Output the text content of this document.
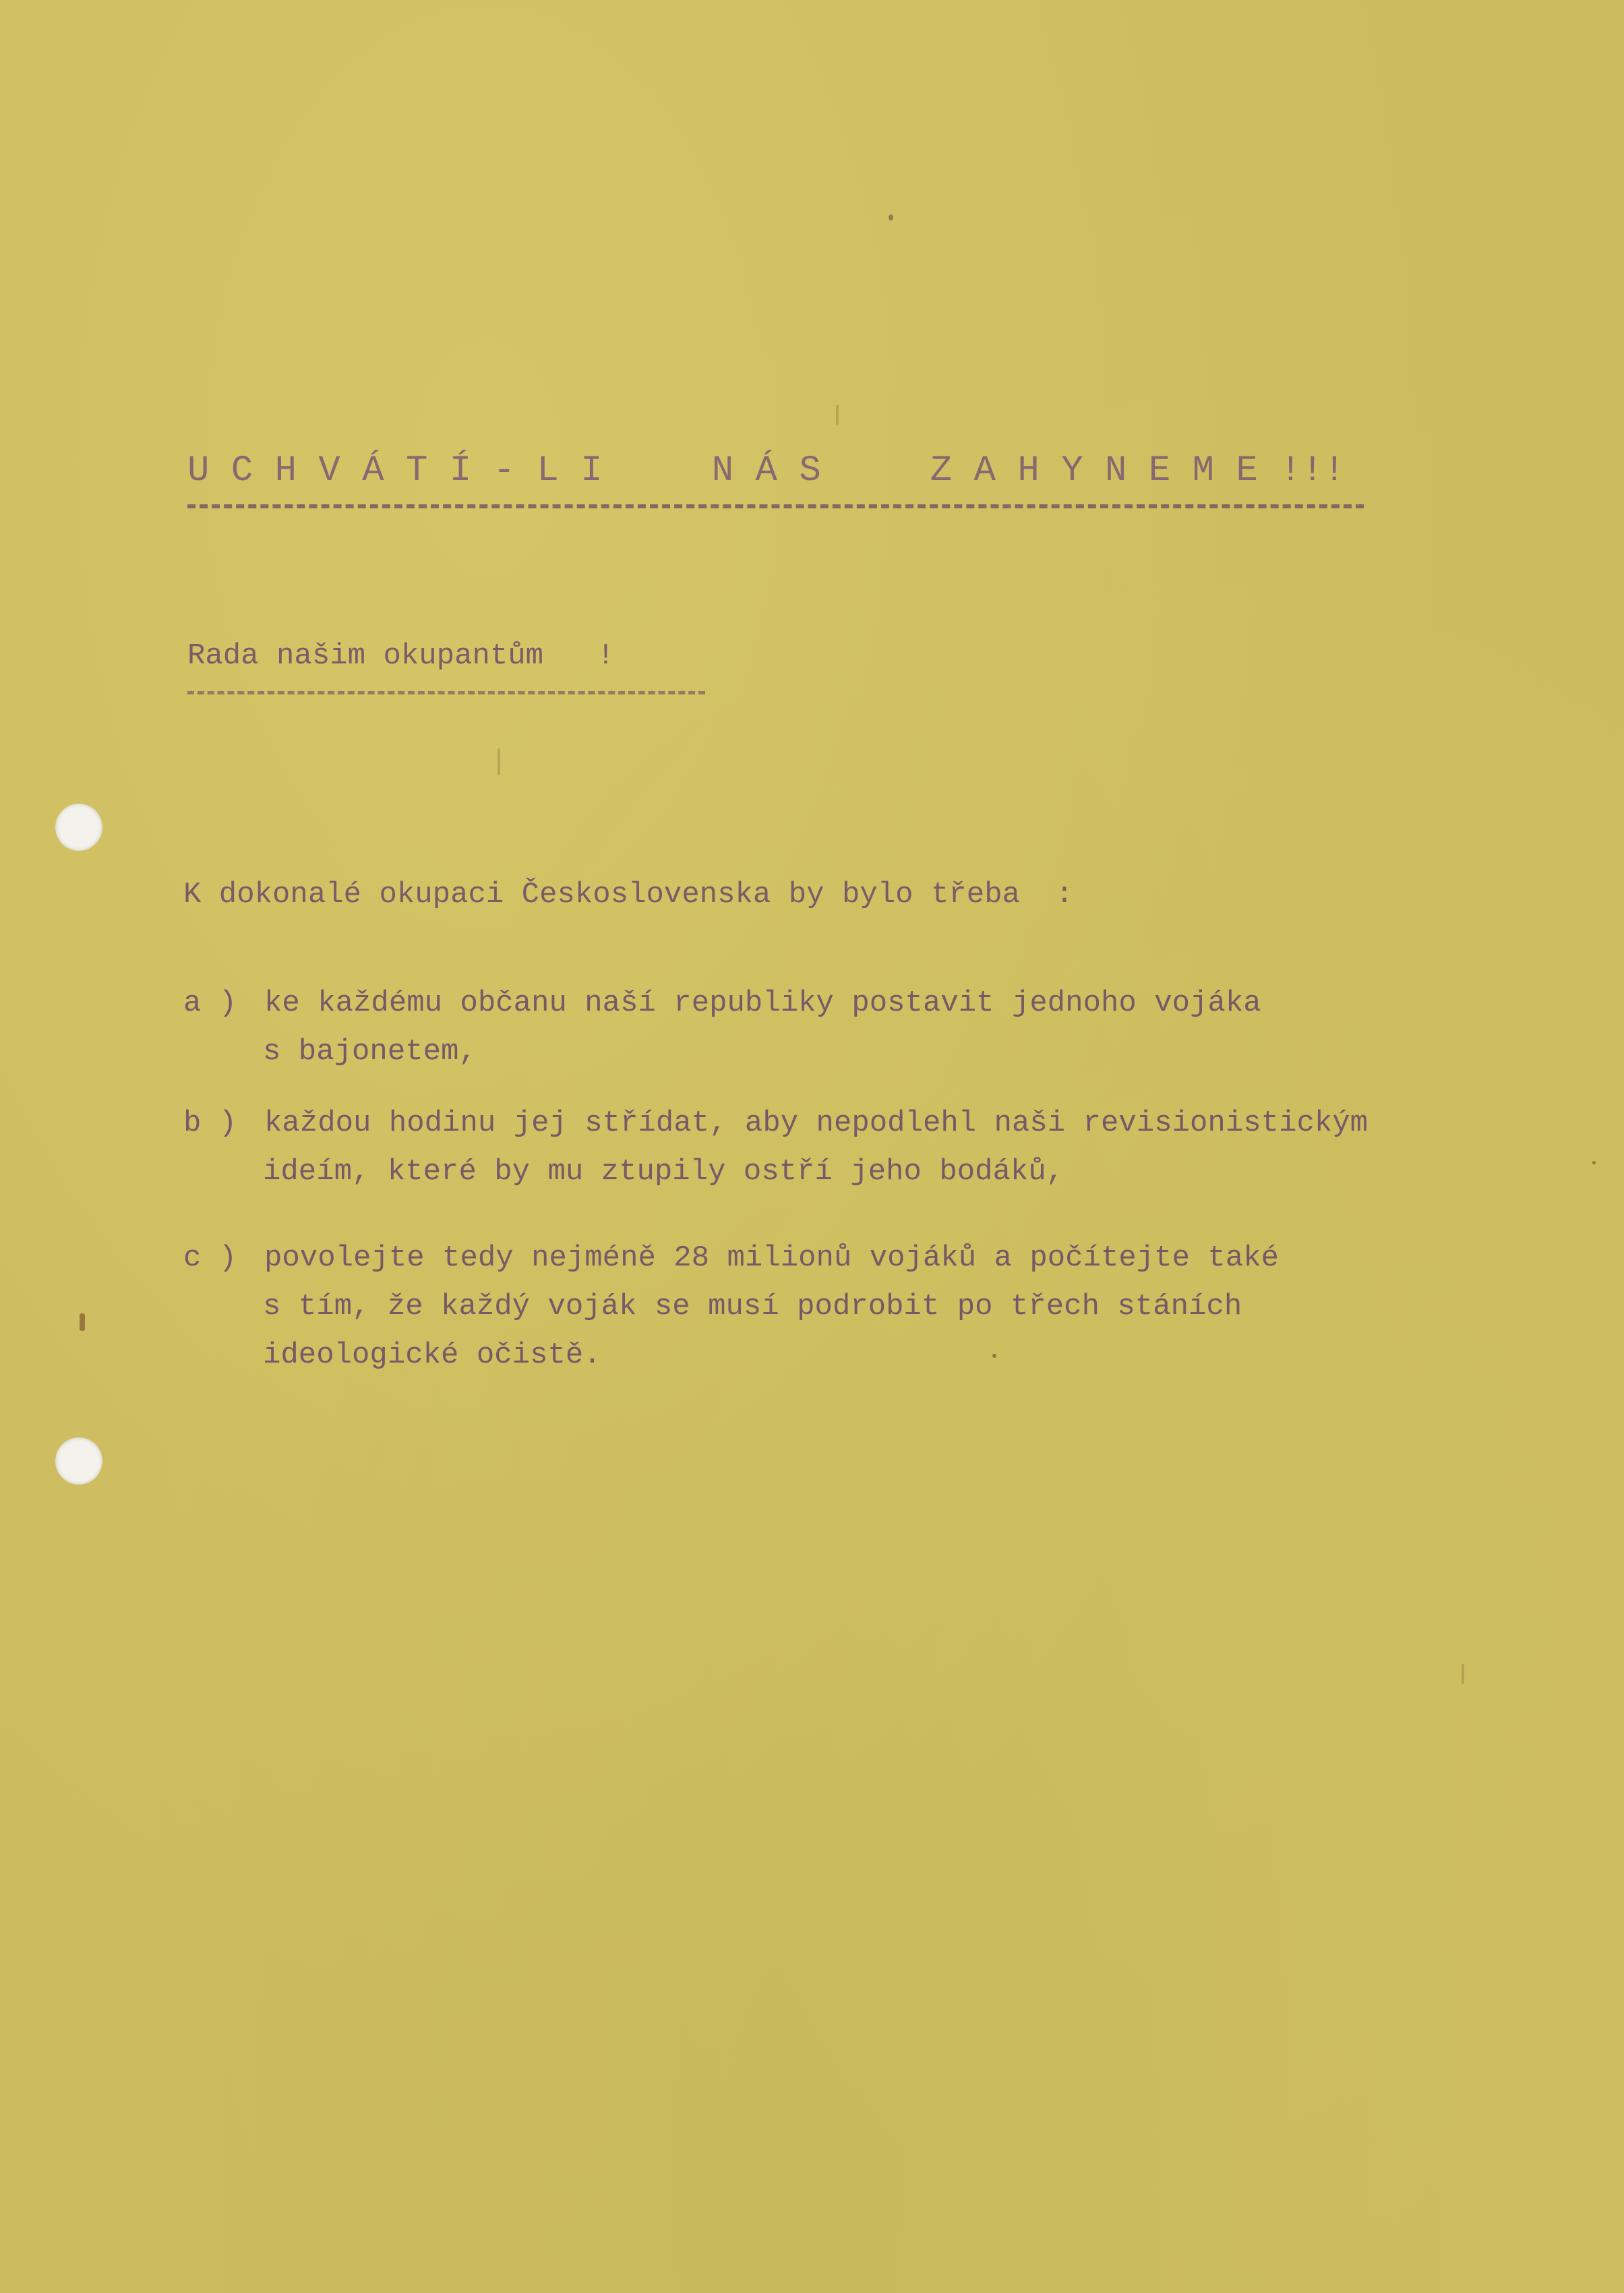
U C H V Á T Í - L I     N Á S     Z A H Y N E M E !!!
Rada našim okupantům   !
K dokonalé okupaci Československa by bylo třeba  :

a )

ke každému občanu naší republiky postavit jednoho vojáka

s bajonetem,

b )

každou hodinu jej střídat, aby nepodlehl naši revisionistickým

ideím, které by mu ztupily ostří jeho bodáků,

c )

povolejte tedy nejméně 28 milionů vojáků a počítejte také

s tím, že každý voják se musí podrobit po třech stáních

ideologické očistě.
